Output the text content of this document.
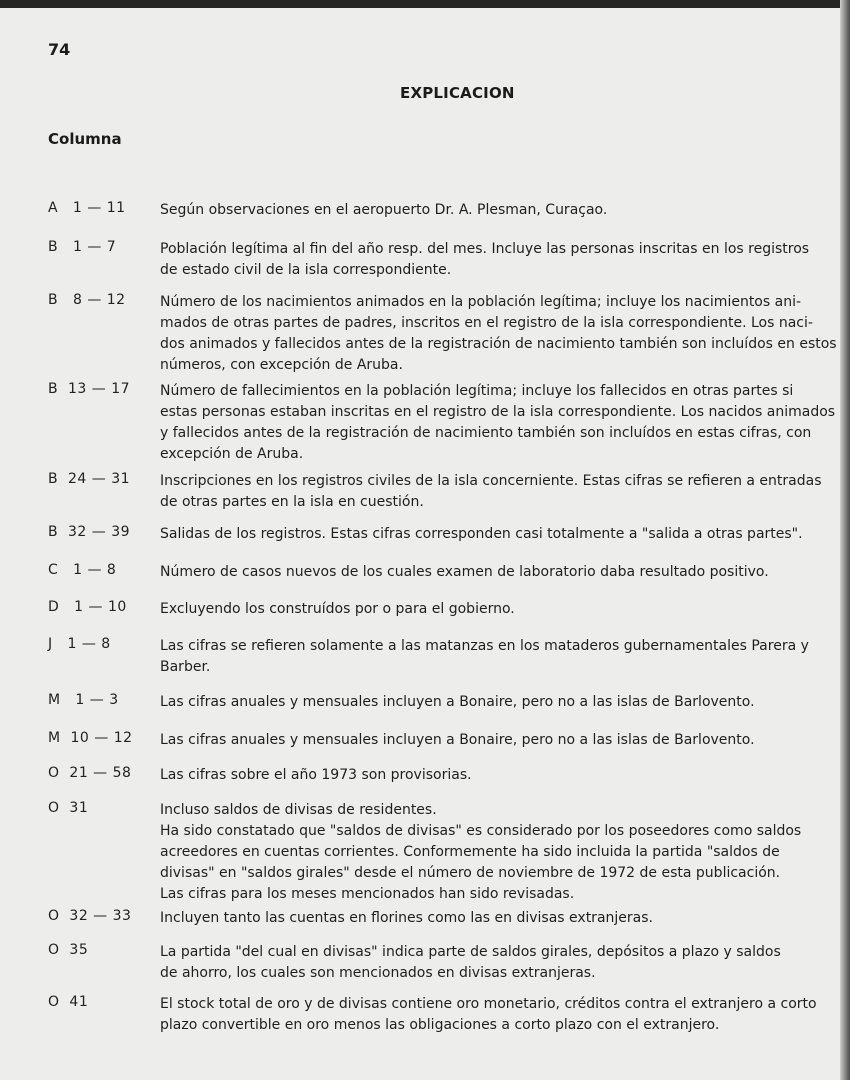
74
EXPLICACION
Columna
A   1 — 11 Según observaciones en el aeropuerto Dr. A. Plesman, Curaçao.
B   1 — 7	Población legítima al fin del año resp. del mes. Incluye las personas inscritas en los registros
de estado civil de la isla correspondiente.
B   8 — 12 Número de los nacimientos animados en la población legítima; incluye los nacimientos ani-
mados de otras partes de padres, inscritos en el registro de la isla correspondiente. Los naci-
dos animados y fallecidos antes de la registración de nacimiento también son incluídos en estos
números, con excepción de Aruba.
B  13 — 17 Número de fallecimientos en la población legítima; incluye los fallecidos en otras partes si
estas personas estaban inscritas en el registro de la isla correspondiente. Los nacidos animados
y fallecidos antes de la registración de nacimiento también son incluídos en estas cifras, con
excepción de Aruba.
B  24 — 31 Inscripciones en los registros civiles de la isla concerniente. Estas cifras se refieren a entradas
de otras partes en la isla en cuestión.
B  32 — 39 Salidas de los registros. Estas cifras corresponden casi totalmente a "salida a otras partes".
C   1 — 8	Número de casos nuevos de los cuales examen de laboratorio daba resultado positivo.
D   1 — 10 Excluyendo los construídos por o para el gobierno.
J   1 — 8	Las cifras se refieren solamente a las matanzas en los mataderos gubernamentales Parera y
Barber.
M   1 — 3	Las cifras anuales y mensuales incluyen a Bonaire, pero no a las islas de Barlovento.
M  10 — 12 Las cifras anuales y mensuales incluyen a Bonaire, pero no a las islas de Barlovento.
O  21 — 58 Las cifras sobre el año 1973 son provisorias.
O  31	Incluso saldos de divisas de residentes.
Ha sido constatado que "saldos de divisas" es considerado por los poseedores como saldos
acreedores en cuentas corrientes. Conformemente ha sido incluida la partida "saldos de
divisas" en "saldos girales" desde el número de noviembre de 1972 de esta publicación.
Las cifras para los meses mencionados han sido revisadas.
O  32 — 33 Incluyen tanto las cuentas en florines como las en divisas extranjeras.
O  35	La partida "del cual en divisas" indica parte de saldos girales, depósitos a plazo y saldos
de ahorro, los cuales son mencionados en divisas extranjeras.
O  41	El stock total de oro y de divisas contiene oro monetario, créditos contra el extranjero a corto
plazo convertible en oro menos las obligaciones a corto plazo con el extranjero.
